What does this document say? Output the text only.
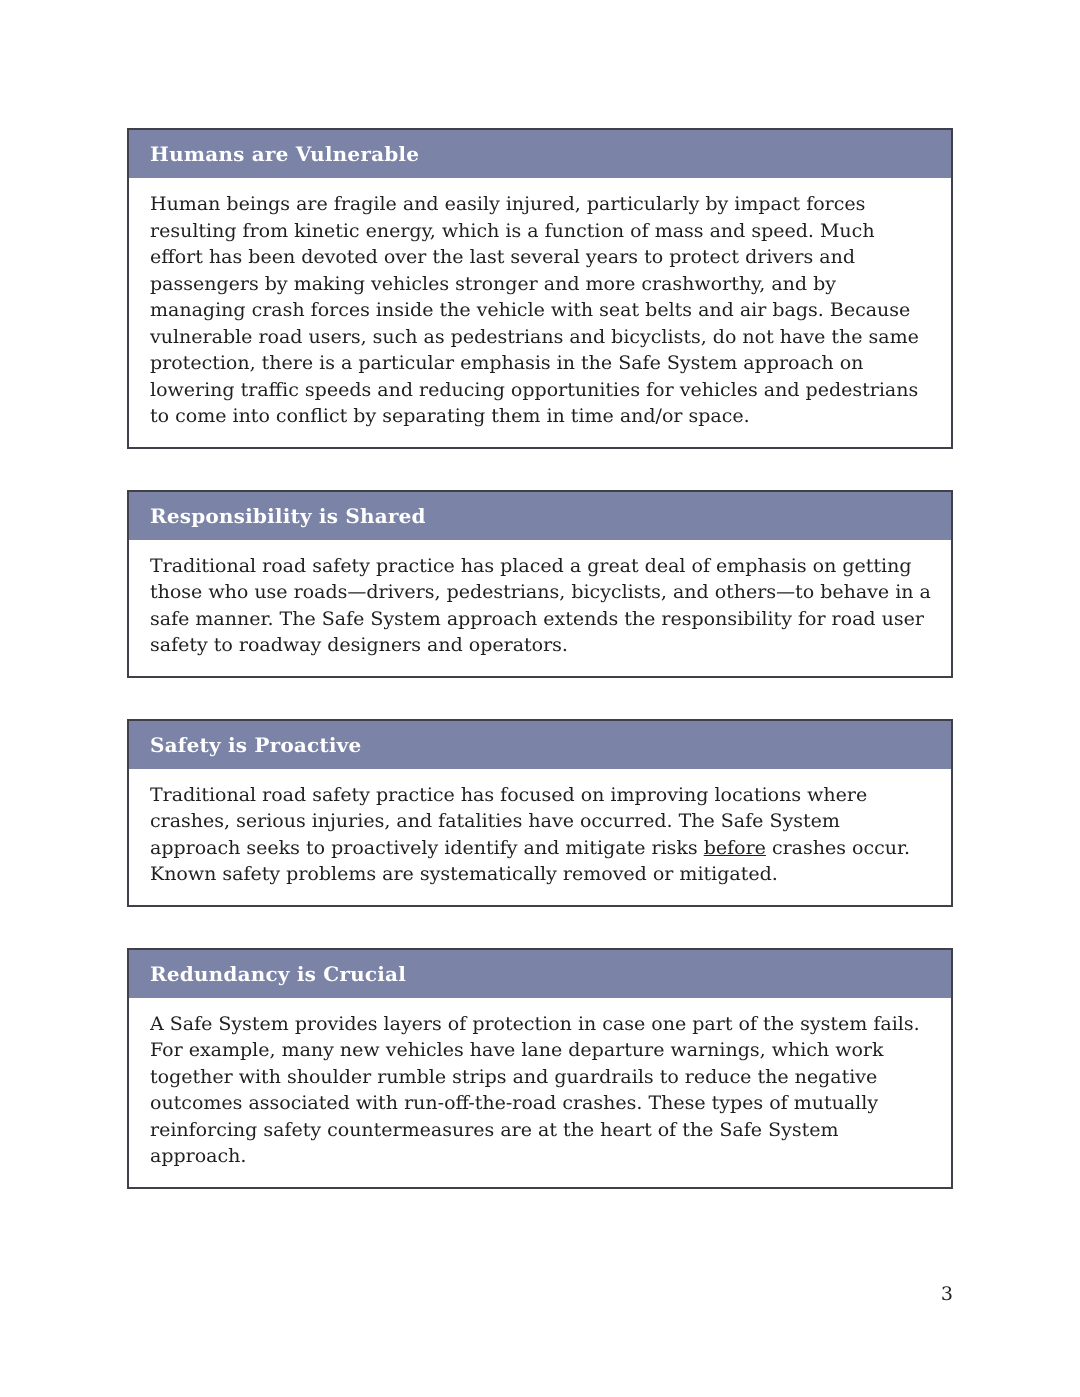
Humans are Vulnerable
Human beings are fragile and easily injured, particularly by impact forces resulting from kinetic energy, which is a function of mass and speed. Much effort has been devoted over the last several years to protect drivers and passengers by making vehicles stronger and more crashworthy, and by managing crash forces inside the vehicle with seat belts and air bags. Because vulnerable road users, such as pedestrians and bicyclists, do not have the same protection, there is a particular emphasis in the Safe System approach on lowering traffic speeds and reducing opportunities for vehicles and pedestrians to come into conflict by separating them in time and/or space.
Responsibility is Shared
Traditional road safety practice has placed a great deal of emphasis on getting those who use roads—drivers, pedestrians, bicyclists, and others—to behave in a safe manner. The Safe System approach extends the responsibility for road user safety to roadway designers and operators.
Safety is Proactive
Traditional road safety practice has focused on improving locations where crashes, serious injuries, and fatalities have occurred. The Safe System approach seeks to proactively identify and mitigate risks before crashes occur. Known safety problems are systematically removed or mitigated.
Redundancy is Crucial
A Safe System provides layers of protection in case one part of the system fails. For example, many new vehicles have lane departure warnings, which work together with shoulder rumble strips and guardrails to reduce the negative outcomes associated with run-off-the-road crashes. These types of mutually reinforcing safety countermeasures are at the heart of the Safe System approach.
3
